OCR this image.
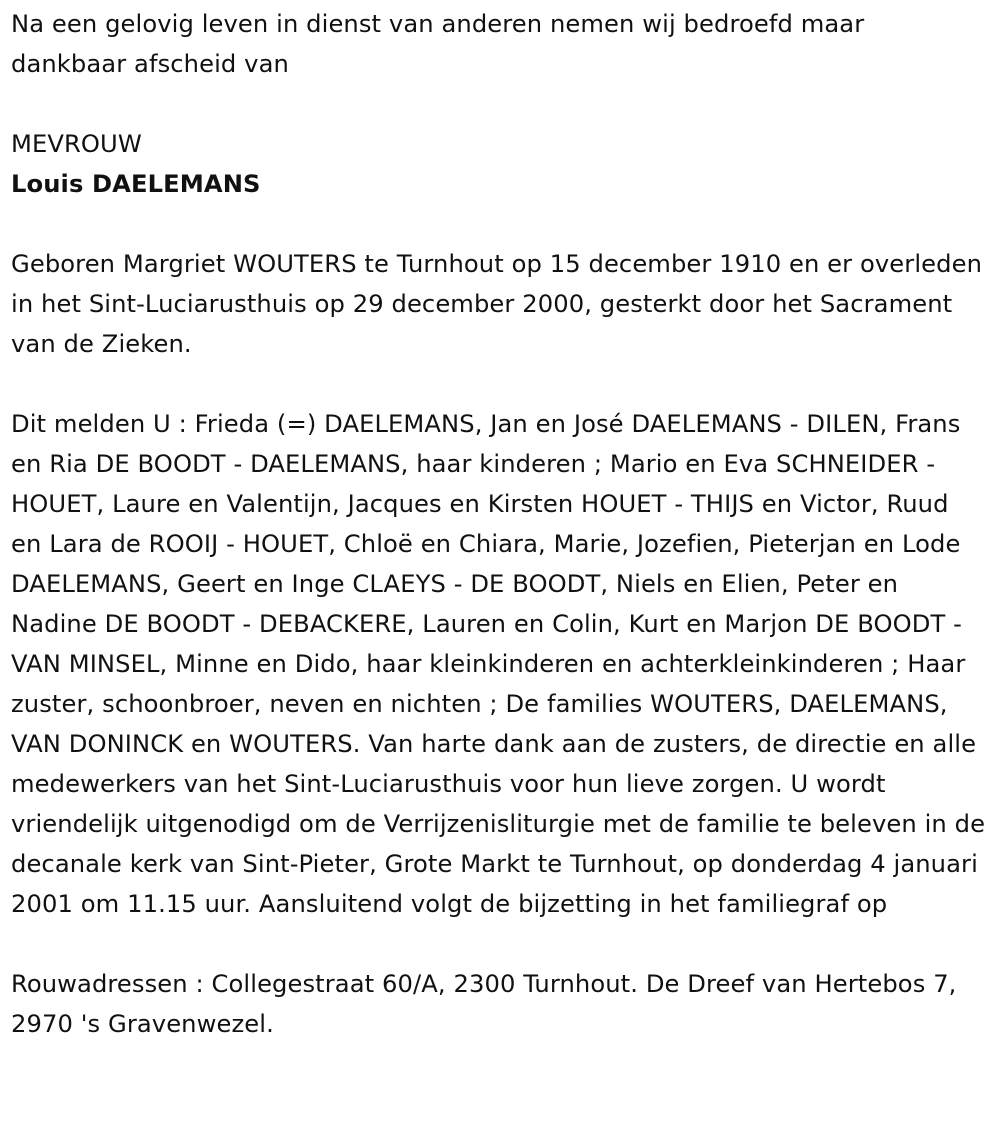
Na een gelovig leven in dienst van anderen nemen wij bedroefd maar dankbaar afscheid van

MEVROUW

Louis DAELEMANS

Geboren Margriet WOUTERS te Turnhout op 15 december 1910 en er overleden in het Sint-Luciarusthuis op 29 december 2000, gesterkt door het Sacrament van de Zieken.

Dit melden U : Frieda (=) DAELEMANS, Jan en José DAELEMANS - DILEN, Frans en Ria DE BOODT - DAELEMANS, haar kinderen ; Mario en Eva SCHNEIDER - HOUET, Laure en Valentijn, Jacques en Kirsten HOUET - THIJS en Victor, Ruud en Lara de ROOIJ - HOUET, Chloë en Chiara, Marie, Jozefien, Pieterjan en Lode DAELEMANS, Geert en Inge CLAEYS - DE BOODT, Niels en Elien, Peter en Nadine DE BOODT - DEBACKERE, Lauren en Colin, Kurt en Marjon DE BOODT - VAN MINSEL, Minne en Dido, haar kleinkinderen en achterkleinkinderen ; Haar zuster, schoonbroer, neven en nichten ; De families WOUTERS, DAELEMANS, VAN DONINCK en WOUTERS. Van harte dank aan de zusters, de directie en alle medewerkers van het Sint-Luciarusthuis voor hun lieve zorgen. U wordt vriendelijk uitgenodigd om de Verrijzenisliturgie met de familie te beleven in de decanale kerk van Sint-Pieter, Grote Markt te Turnhout, op donderdag 4 januari 2001 om 11.15 uur. Aansluitend volgt de bijzetting in het familiegraf op

Rouwadressen : Collegestraat 60/A, 2300 Turnhout. De Dreef van Hertebos 7, 2970 's Gravenwezel.
